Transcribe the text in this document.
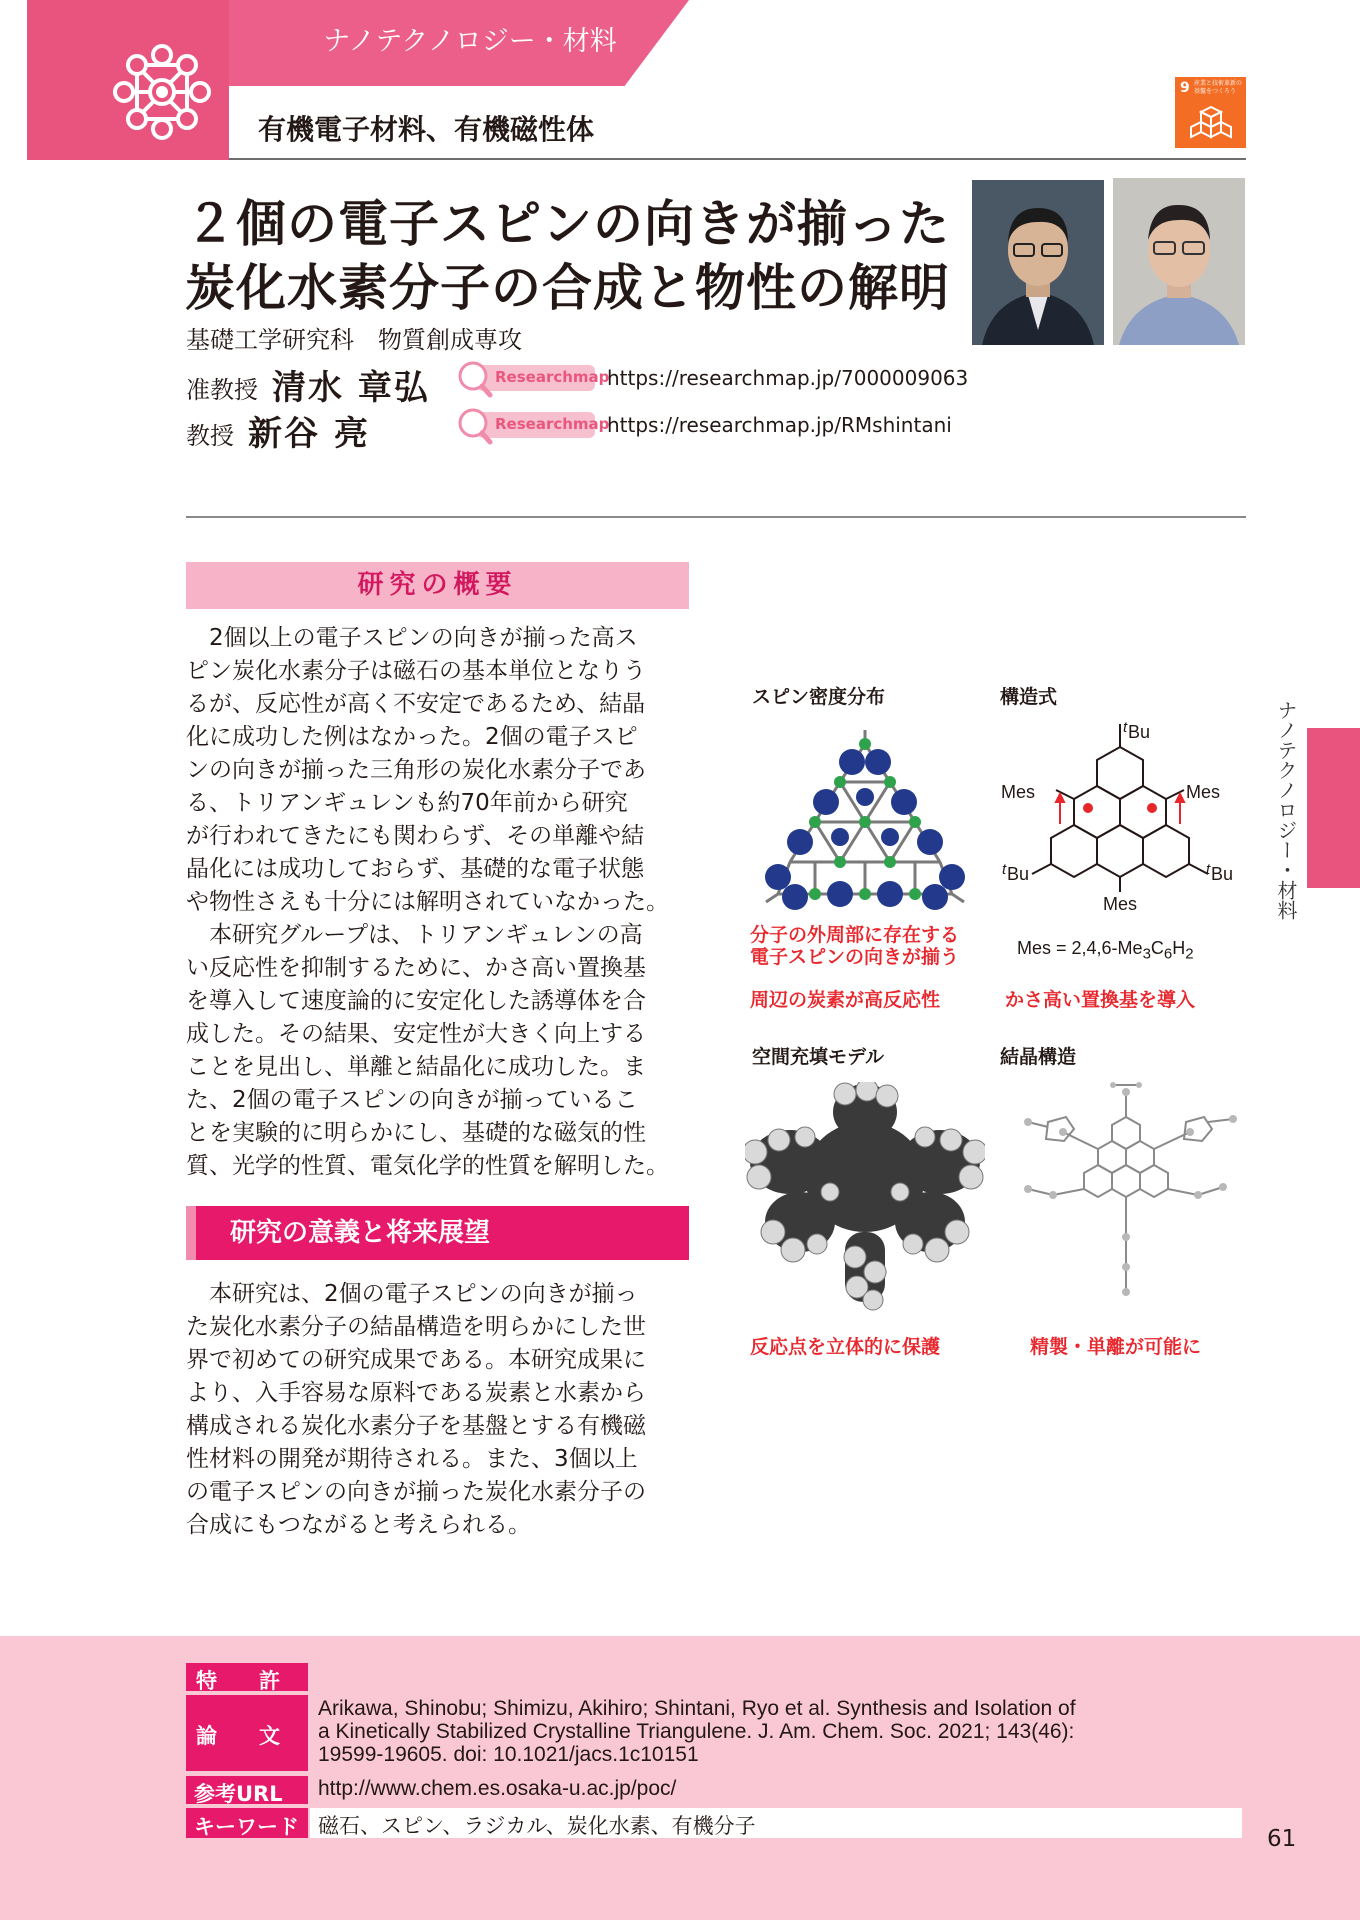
ナノテクノロジー・材料
有機電子材料、有機磁性体
9 産業と技術革新の基盤をつくろう
２個の電子スピンの向きが揃った
炭化水素分子の合成と物性の解明
基礎工学研究科　物質創成専攻
准教授 清水 章弘	Researchmap
https://researchmap.jp/7000009063
教授 新谷 亮	Researchmap
https://researchmap.jp/RMshintani
研究の概要
　2個以上の電子スピンの向きが揃った高ス
ピン炭化水素分子は磁石の基本単位となりう
るが、反応性が高く不安定であるため、結晶
化に成功した例はなかった。2個の電子スピ
ンの向きが揃った三角形の炭化水素分子であ
る、トリアンギュレンも約70年前から研究
が行われてきたにも関わらず、その単離や結
晶化には成功しておらず、基礎的な電子状態
や物性さえも十分には解明されていなかった。
　本研究グループは、トリアンギュレンの高
い反応性を抑制するために、かさ高い置換基
を導入して速度論的に安定化した誘導体を合
成した。その結果、安定性が大きく向上する
ことを見出し、単離と結晶化に成功した。ま
た、2個の電子スピンの向きが揃っているこ
とを実験的に明らかにし、基礎的な磁気的性
質、光学的性質、電気化学的性質を解明した。
研究の意義と将来展望
　本研究は、2個の電子スピンの向きが揃っ
た炭化水素分子の結晶構造を明らかにした世
界で初めての研究成果である。本研究成果に
より、入手容易な原料である炭素と水素から
構成される炭化水素分子を基盤とする有機磁
性材料の開発が期待される。また、3個以上
の電子スピンの向きが揃った炭化水素分子の
合成にもつながると考えられる。
スピン密度分布
分子の外周部に存在する
電子スピンの向きが揃う
周辺の炭素が高反応性
構造式
t Bu
Mes	Mes
t Bu	t Bu
Mes
Mes = $2,4,6-Me_3C_6H_2$
かさ高い置換基を導入
空間充填モデル
反応点を立体的に保護
結晶構造
精製・単離が可能に
ナノテクノロジー・材料
特　　許
論　　文
Arikawa, Shinobu; Shimizu, Akihiro; Shintani, Ryo et al. Synthesis and Isolation of
a Kinetically Stabilized Crystalline Triangulene. J. Am. Chem. Soc. 2021; 143(46):
19599-19605. doi: 10.1021/jacs.1c10151
参考URL http://www.chem.es.osaka-u.ac.jp/poc/
キーワード 磁石、スピン、ラジカル、炭化水素、有機分子	61
